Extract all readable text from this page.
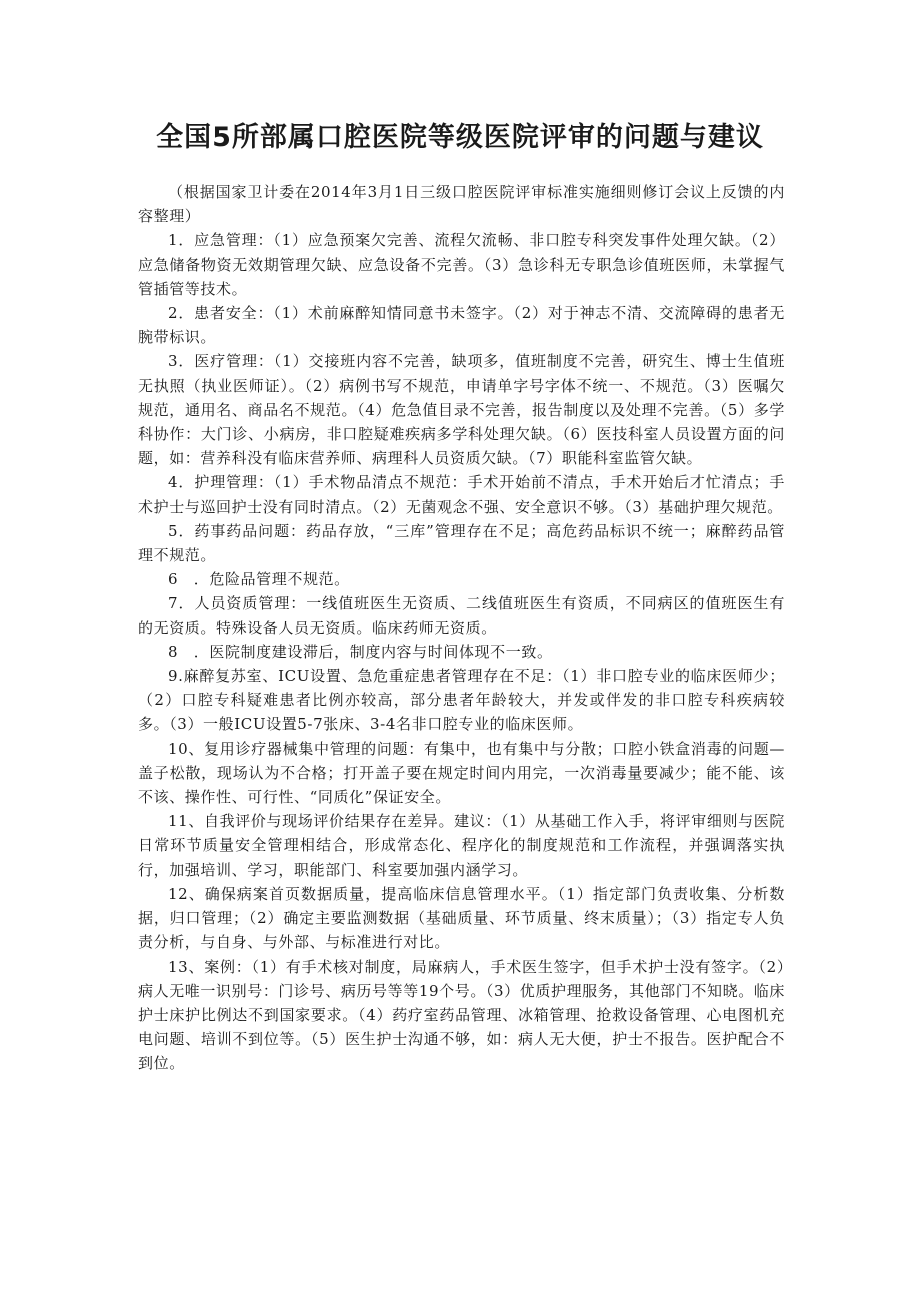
全国5所部属口腔医院等级医院评审的问题与建议

（根据国家卫计委在2014年3月1日三级口腔医院评审标准实施细则修订会议上反馈的内容整理）

1．应急管理：（1）应急预案欠完善、流程欠流畅、非口腔专科突发事件处理欠缺。（2）应急储备物资无效期管理欠缺、应急设备不完善。（3）急诊科无专职急诊值班医师，未掌握气管插管等技术。

2．患者安全：（1）术前麻醉知情同意书未签字。（2）对于神志不清、交流障碍的患者无腕带标识。

3．医疗管理：（1）交接班内容不完善，缺项多，值班制度不完善，研究生、博士生值班无执照（执业医师证）。（2）病例书写不规范，申请单字号字体不统一、不规范。（3）医嘱欠规范，通用名、商品名不规范。（4）危急值目录不完善，报告制度以及处理不完善。（5）多学科协作：大门诊、小病房，非口腔疑难疾病多学科处理欠缺。（6）医技科室人员设置方面的问题，如：营养科没有临床营养师、病理科人员资质欠缺。（7）职能科室监管欠缺。

4．护理管理：（1）手术物品清点不规范：手术开始前不清点，手术开始后才忙清点；手术护士与巡回护士没有同时清点。（2）无菌观念不强、安全意识不够。（3）基础护理欠规范。

5．药事药品问题：药品存放，“三库”管理存在不足；高危药品标识不统一；麻醉药品管理不规范。

6　．危险品管理不规范。

7．人员资质管理：一线值班医生无资质、二线值班医生有资质，不同病区的值班医生有的无资质。特殊设备人员无资质。临床药师无资质。

8　．医院制度建设滞后，制度内容与时间体现不一致。

9.麻醉复苏室、ICU设置、急危重症患者管理存在不足：（1）非口腔专业的临床医师少；（2）口腔专科疑难患者比例亦较高，部分患者年龄较大，并发或伴发的非口腔专科疾病较多。（3）一般ICU设置5-7张床、3-4名非口腔专业的临床医师。

10、复用诊疗器械集中管理的问题：有集中，也有集中与分散；口腔小铁盒消毒的问题—盖子松散，现场认为不合格；打开盖子要在规定时间内用完，一次消毒量要减少；能不能、该不该、操作性、可行性、“同质化”保证安全。

11、自我评价与现场评价结果存在差异。建议：（1）从基础工作入手，将评审细则与医院日常环节质量安全管理相结合，形成常态化、程序化的制度规范和工作流程，并强调落实执行，加强培训、学习，职能部门、科室要加强内涵学习。

12、确保病案首页数据质量，提高临床信息管理水平。（1）指定部门负责收集、分析数据，归口管理；（2）确定主要监测数据（基础质量、环节质量、终末质量）；（3）指定专人负责分析，与自身、与外部、与标准进行对比。

13、案例：（1）有手术核对制度，局麻病人，手术医生签字，但手术护士没有签字。（2）病人无唯一识别号：门诊号、病历号等等19个号。（3）优质护理服务，其他部门不知晓。临床护士床护比例达不到国家要求。（4）药疗室药品管理、冰箱管理、抢救设备管理、心电图机充电问题、培训不到位等。（5）医生护士沟通不够，如：病人无大便，护士不报告。医护配合不到位。
